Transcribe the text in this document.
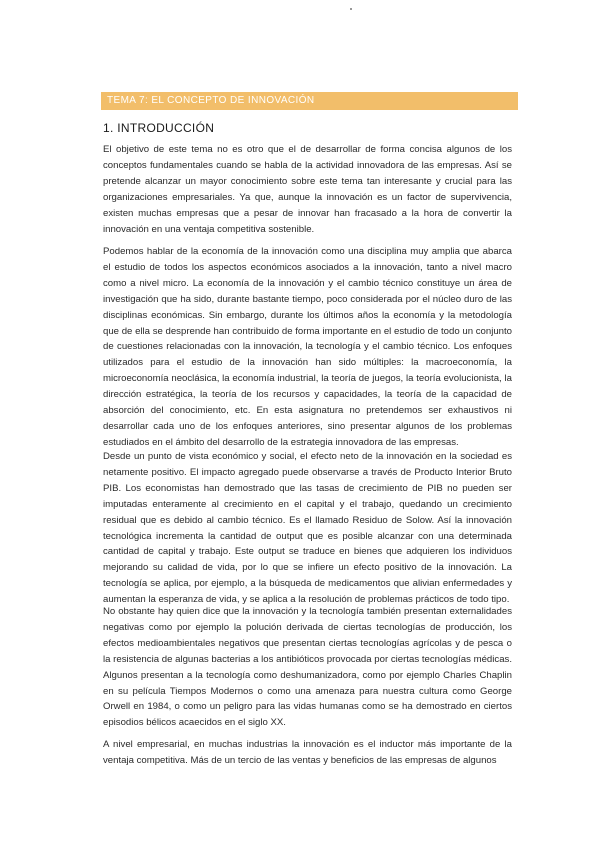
TEMA 7: EL CONCEPTO DE INNOVACIÓN
1. INTRODUCCIÓN

El objetivo de este tema no es otro que el de desarrollar de forma concisa algunos de los conceptos fundamentales cuando se habla de la actividad innovadora de las empresas. Así se pretende alcanzar un mayor conocimiento sobre este tema tan interesante y crucial para las organizaciones empresariales. Ya que, aunque la innovación es un factor de supervivencia, existen muchas empresas que a pesar de innovar han fracasado a la hora de convertir la innovación en una ventaja competitiva sostenible.

Podemos hablar de la economía de la innovación como una disciplina muy amplia que abarca el estudio de todos los aspectos económicos asociados a la innovación, tanto a nivel macro como a nivel micro. La economía de la innovación y el cambio técnico constituye un área de investigación que ha sido, durante bastante tiempo, poco considerada por el núcleo duro de las disciplinas económicas. Sin embargo, durante los últimos años la economía y la metodología que de ella se desprende han contribuido de forma importante en el estudio de todo un conjunto de cuestiones relacionadas con la innovación, la tecnología y el cambio técnico. Los enfoques utilizados para el estudio de la innovación han sido múltiples: la macroeconomía, la microeconomía neoclásica, la economía industrial, la teoría de juegos, la teoría evolucionista, la dirección estratégica, la teoría de los recursos y capacidades, la teoría de la capacidad de absorción del conocimiento, etc. En esta asignatura no pretendemos ser exhaustivos ni desarrollar cada uno de los enfoques anteriores, sino presentar algunos de los problemas estudiados en el ámbito del desarrollo de la estrategia innovadora de las empresas.

Desde un punto de vista económico y social, el efecto neto de la innovación en la sociedad es netamente positivo. El impacto agregado puede observarse a través de Producto Interior Bruto PIB. Los economistas han demostrado que las tasas de crecimiento de PIB no pueden ser imputadas enteramente al crecimiento en el capital y el trabajo, quedando un crecimiento residual que es debido al cambio técnico. Es el llamado Residuo de Solow. Así la innovación tecnológica incrementa la cantidad de output que es posible alcanzar con una determinada cantidad de capital y trabajo. Este output se traduce en bienes que adquieren los individuos mejorando su calidad de vida, por lo que se infiere un efecto positivo de la innovación. La tecnología se aplica, por ejemplo, a la búsqueda de medicamentos que alivian enfermedades y aumentan la esperanza de vida, y se aplica a la resolución de problemas prácticos de todo tipo.

No obstante hay quien dice que la innovación y la tecnología también presentan externalidades negativas como por ejemplo la polución derivada de ciertas tecnologías de producción, los efectos medioambientales negativos que presentan ciertas tecnologías agrícolas y de pesca o la resistencia de algunas bacterias a los antibióticos provocada por ciertas tecnologías médicas. Algunos presentan a la tecnología como deshumanizadora, como por ejemplo Charles Chaplin en su película Tiempos Modernos o como una amenaza para nuestra cultura como George Orwell en 1984, o como un peligro para las vidas humanas como se ha demostrado en ciertos episodios bélicos acaecidos en el siglo XX.

A nivel empresarial, en muchas industrias la innovación es el inductor más importante de la ventaja competitiva. Más de un tercio de las ventas y beneficios de las empresas de algunos
